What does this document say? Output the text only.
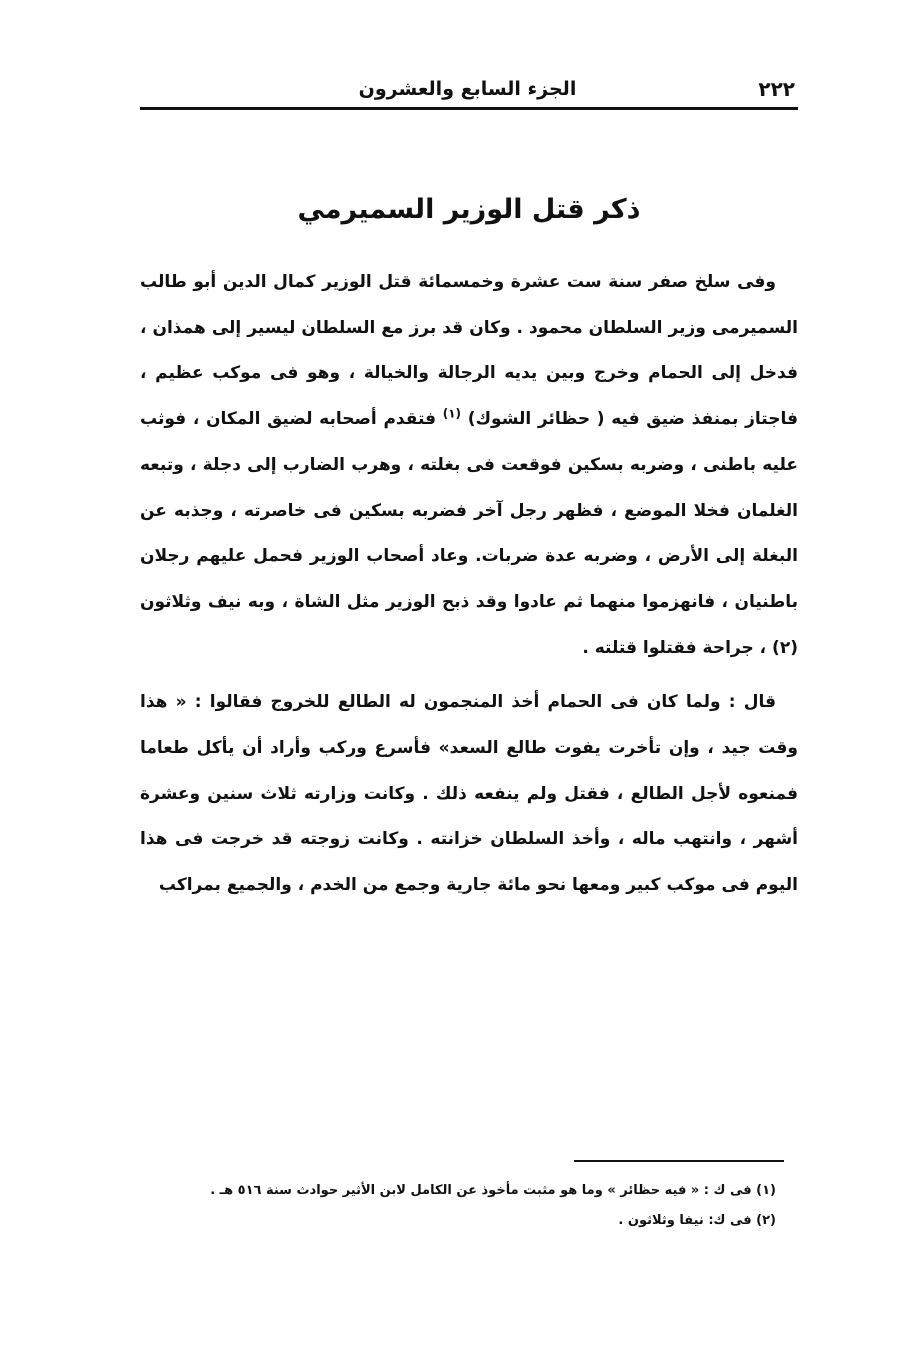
٢٢٢
الجزء السابع والعشرون
ذكر قتل الوزير السميرمي

وفى سلخ صفر سنة ست عشرة وخمسمائة قتل الوزير كمال الدين أبو طالب السميرمى وزير السلطان محمود . وكان قد برز مع السلطان ليسير إلى همذان ، فدخل إلى الحمام وخرج وبين يديه الرجالة والخيالة ، وهو فى موكب عظيم ، فاجتاز بمنفذ ضيق فيه ( حظائر الشوك) $^{(١)}$ فتقدم أصحابه لضيق المكان ، فوثب عليه باطنى ، وضربه بسكين فوقعت فى بغلته ، وهرب الضارب إلى دجلة ، وتبعه الغلمان فخلا الموضع ، فظهر رجل آخر فضربه بسكين فى خاصرته ، وجذبه عن البغلة إلى الأرض ، وضربه عدة ضربات. وعاد أصحاب الوزير فحمل عليهم رجلان باطنيان ، فانهزموا منهما ثم عادوا وقد ذبح الوزير مثل الشاة ، وبه نيف وثلاثون (٢) ، جراحة فقتلوا قتلته .

قال : ولما كان فى الحمام أخذ المنجمون له الطالع للخروج فقالوا : « هذا وقت جيد ، وإن تأخرت يفوت طالع السعد» فأسرع وركب وأراد أن يأكل طعاما فمنعوه لأجل الطالع ، فقتل ولم ينفعه ذلك . وكانت وزارته ثلاث سنين وعشرة أشهر ، وانتهب ماله ، وأخذ السلطان خزانته . وكانت زوجته قد خرجت فى هذا اليوم فى موكب كبير ومعها نحو مائة جارية وجمع من الخدم ، والجميع بمراكب

(١) فى ك : « فيه حظائر » وما هو مثبت مأخوذ عن الكامل لابن الأثير حوادث سنة ٥١٦ هـ .

(٢) فى ك: نيفا وثلاثون .
